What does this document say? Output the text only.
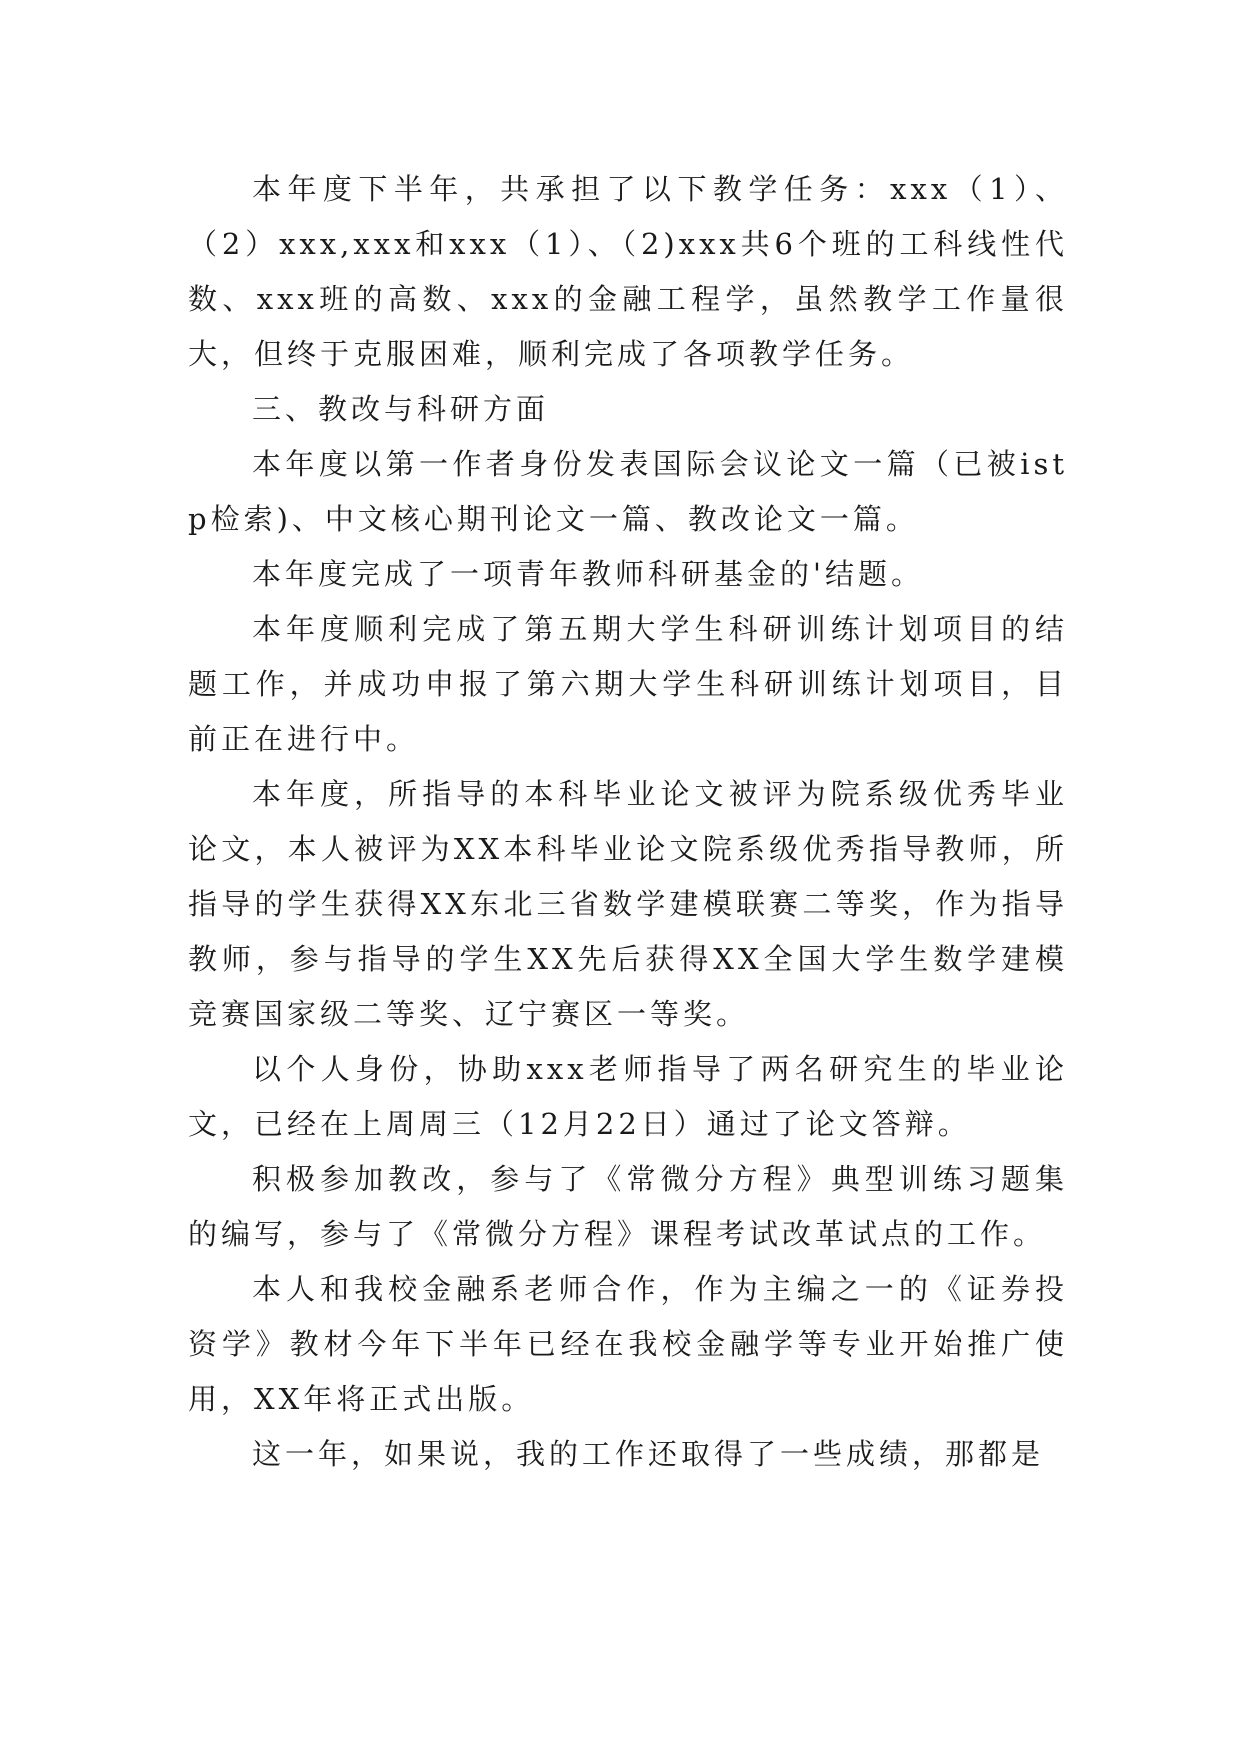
本年度下半年，共承担了以下教学任务：xxx（1）、（2）xxx,xxx和xxx（1）、（2)xxx共6个班的工科线性代数、xxx班的高数、xxx的金融工程学，虽然教学工作量很大，但终于克服困难，顺利完成了各项教学任务。

三、教改与科研方面

本年度以第一作者身份发表国际会议论文一篇（已被istp检索)、中文核心期刊论文一篇、教改论文一篇。

本年度完成了一项青年教师科研基金的'结题。

本年度顺利完成了第五期大学生科研训练计划项目的结题工作，并成功申报了第六期大学生科研训练计划项目，目前正在进行中。

本年度，所指导的本科毕业论文被评为院系级优秀毕业论文，本人被评为XX本科毕业论文院系级优秀指导教师，所指导的学生获得XX东北三省数学建模联赛二等奖，作为指导教师，参与指导的学生XX先后获得XX全国大学生数学建模竞赛国家级二等奖、辽宁赛区一等奖。

以个人身份，协助xxx老师指导了两名研究生的毕业论文，已经在上周周三（12月22日）通过了论文答辩。

积极参加教改，参与了《常微分方程》典型训练习题集的编写，参与了《常微分方程》课程考试改革试点的工作。

本人和我校金融系老师合作，作为主编之一的《证券投资学》教材今年下半年已经在我校金融学等专业开始推广使用，XX年将正式出版。

这一年，如果说，我的工作还取得了一些成绩，那都是
